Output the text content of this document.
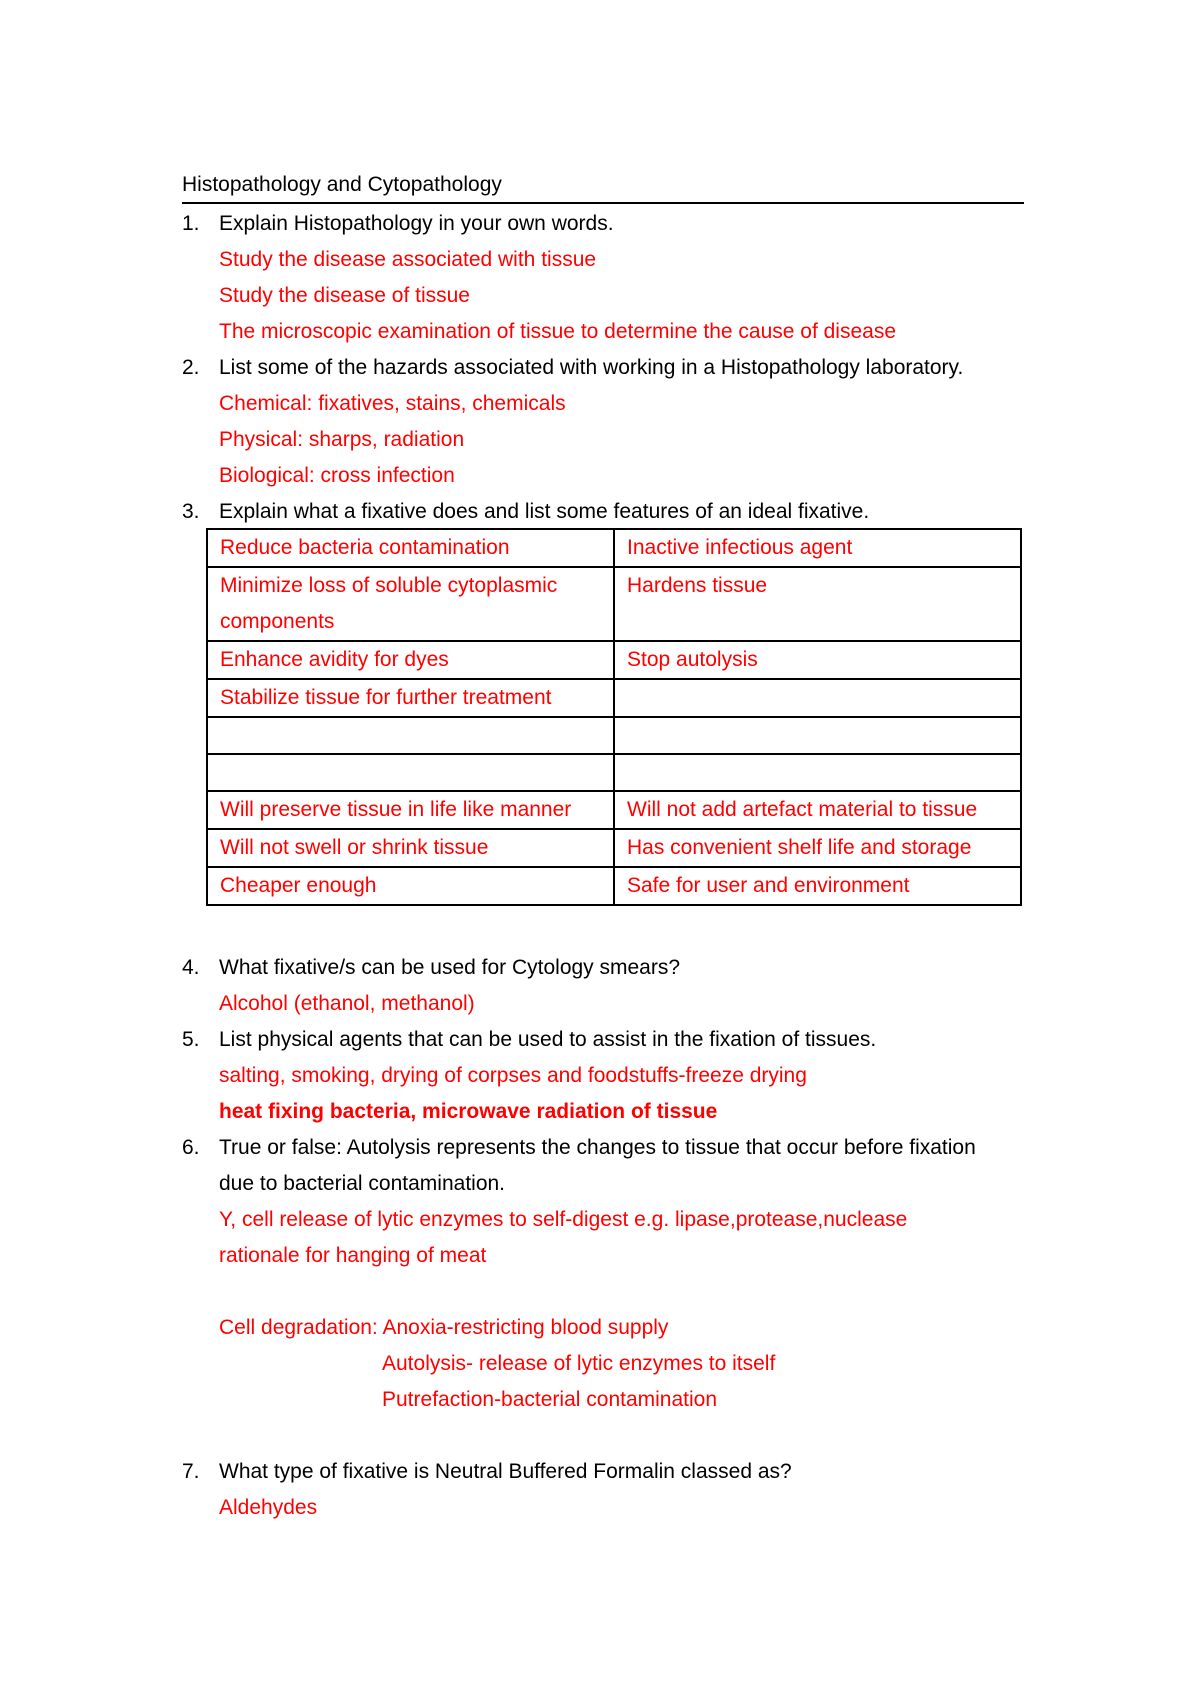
Histopathology and Cytopathology
1. Explain Histopathology in your own words.
Study the disease associated with tissue
Study the disease of tissue
The microscopic examination of tissue to determine the cause of disease
2. List some of the hazards associated with working in a Histopathology laboratory.
Chemical: fixatives, stains, chemicals
Physical: sharps, radiation
Biological: cross infection
3. Explain what a fixative does and list some features of an ideal fixative.
Reduce bacteria contamination	Inactive infectious agent
Minimize loss of soluble cytoplasmic components	Hardens tissue
Enhance avidity for dyes	Stop autolysis
Stabilize tissue for further treatment	

Will preserve tissue in life like manner	Will not add artefact material to tissue
Will not swell or shrink tissue	Has convenient shelf life and storage
Cheaper enough	Safe for user and environment
4. What fixative/s can be used for Cytology smears?
Alcohol (ethanol, methanol)
5. List physical agents that can be used to assist in the fixation of tissues.
salting, smoking, drying of corpses and foodstuffs-freeze drying
heat fixing bacteria, microwave radiation of tissue
6. True or false: Autolysis represents the changes to tissue that occur before fixation
due to bacterial contamination.
Y, cell release of lytic enzymes to self-digest e.g. lipase,protease,nuclease
rationale for hanging of meat
Cell degradation: Anoxia-restricting blood supply
Autolysis- release of lytic enzymes to itself
Putrefaction-bacterial contamination
7. What type of fixative is Neutral Buffered Formalin classed as?
Aldehydes
